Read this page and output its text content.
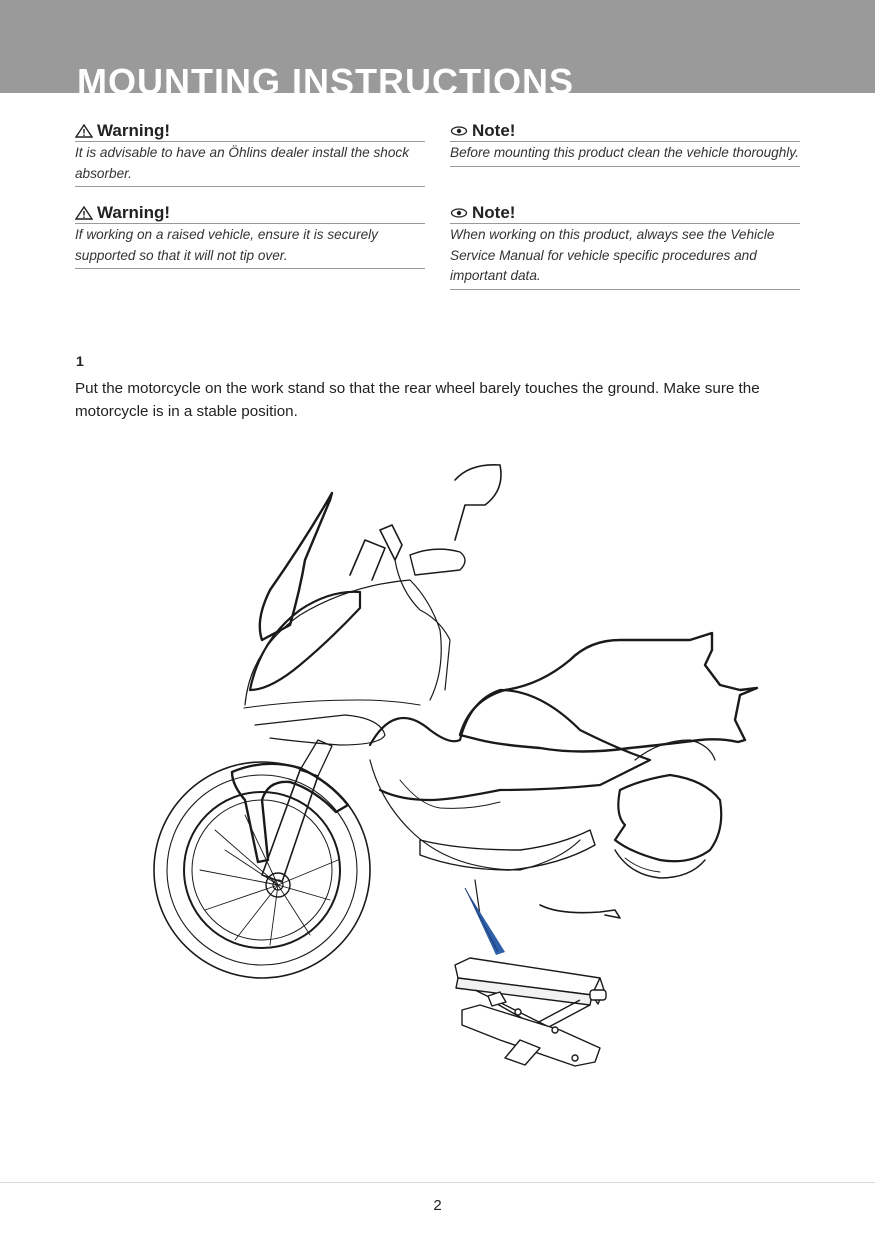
MOUNTING INSTRUCTIONS
Warning!
It is advisable to have an Öhlins dealer install the shock absorber.
Note!
Before mounting this product clean the vehicle thoroughly.
Warning!
If working on a raised vehicle, ensure it is securely supported so that it will not tip over.
Note!
When working on this product, always see the Vehicle Service Manual for vehicle specific procedures and important data.
1
Put the motorcycle on the work stand so that the rear wheel barely touches the ground. Make sure the motorcycle is in a stable position.
2
